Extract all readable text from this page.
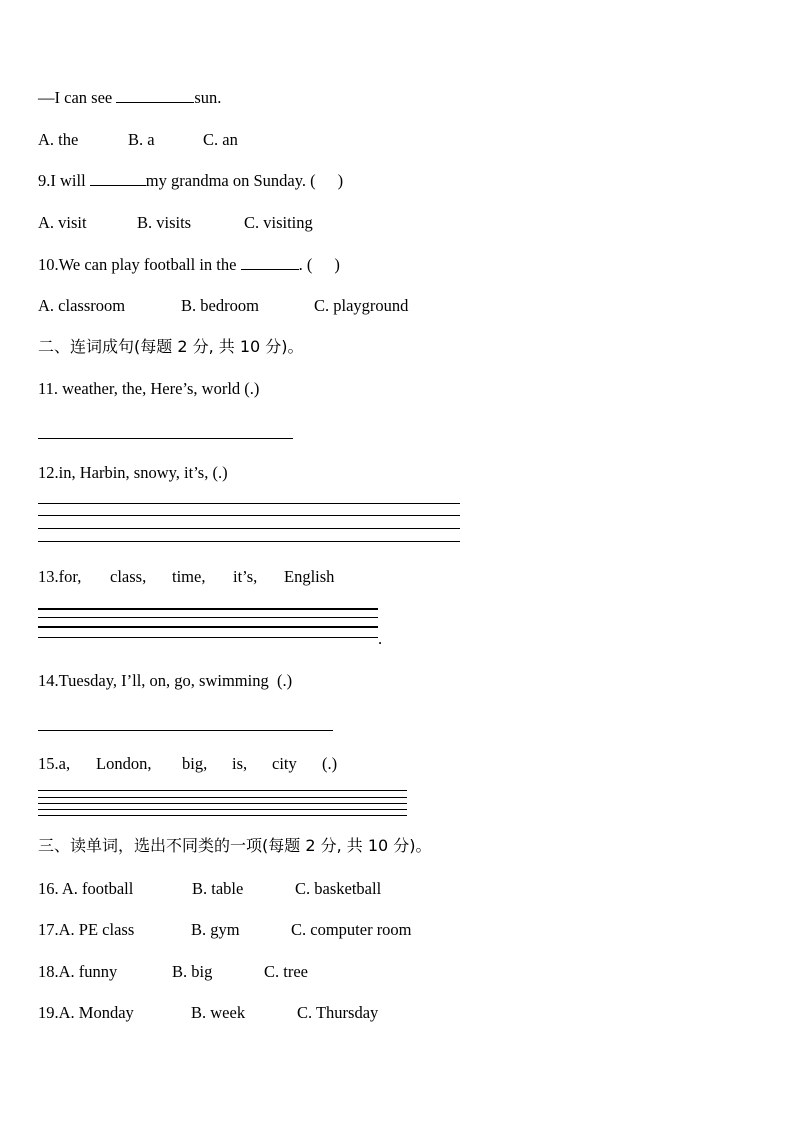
—I can see	sun.
A. the	B. a	C. an
9.I will	my grandma on Sunday. ( )
A. visit	B. visits	C. visiting
10.We can play football in the	. ( )
A. classroom	B. bedroom	C. playground
二、连词成句(每题 2 分, 共 10 分)。
11. weather, the, Here’s, world (.)
12.in, Harbin, snowy, it’s, (.)
13.for, class, time, it’s, English
.
14.Tuesday, I’ll, on, go, swimming  (.)
15.a, London, big, is, city (.)
三、读单词，选出不同类的一项(每题 2 分, 共 10 分)。
16. A. football	B. table	C. basketball
17.A. PE class	B. gym	C. computer room
18.A. funny	B. big	C. tree
19.A. Monday	B. week	C. Thursday
